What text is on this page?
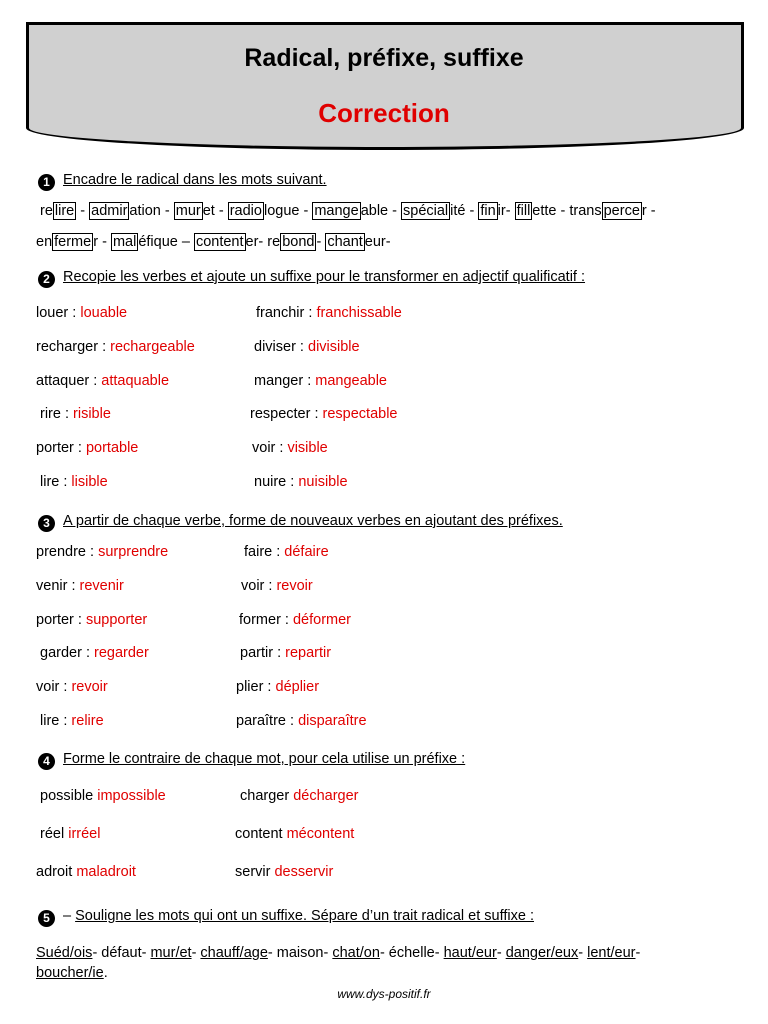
Radical, préfixe, suffixe
Correction
1 Encadre le radical dans les mots suivant.
re lire - admir ation - mur et - radio logue - mange able - spécial ité - fin ir- fill ette - trans perce r -
en ferme r - mal éfique – content er- re bond - chant eur-
2 Recopie les verbes et ajoute un suffixe pour le transformer en adjectif qualificatif :
louer : louable	franchir : franchissable
recharger : rechargeable	diviser : divisible
attaquer : attaquable	manger : mangeable
rire : risible	respecter : respectable
porter : portable	voir : visible
lire : lisible	nuire : nuisible
3 A partir de chaque verbe, forme de nouveaux verbes en ajoutant des préfixes.
prendre : surprendre	faire : défaire
venir : revenir	voir : revoir
porter : supporter	former : déformer
garder : regarder	partir : repartir
voir : revoir	plier : déplier
lire : relire	paraître : disparaître
4 Forme le contraire de chaque mot, pour cela utilise un préfixe :
possible impossible	charger décharger
réel irréel	content mécontent
adroit maladroit	servir desservir
5 – Souligne les mots qui ont un suffixe. Sépare d’un trait radical et suffixe :
Suéd/ois- défaut- mur/et- chauff/age- maison- chat/on- échelle- haut/eur- danger/eux- lent/eur-
boucher/ie.
www.dys-positif.fr
